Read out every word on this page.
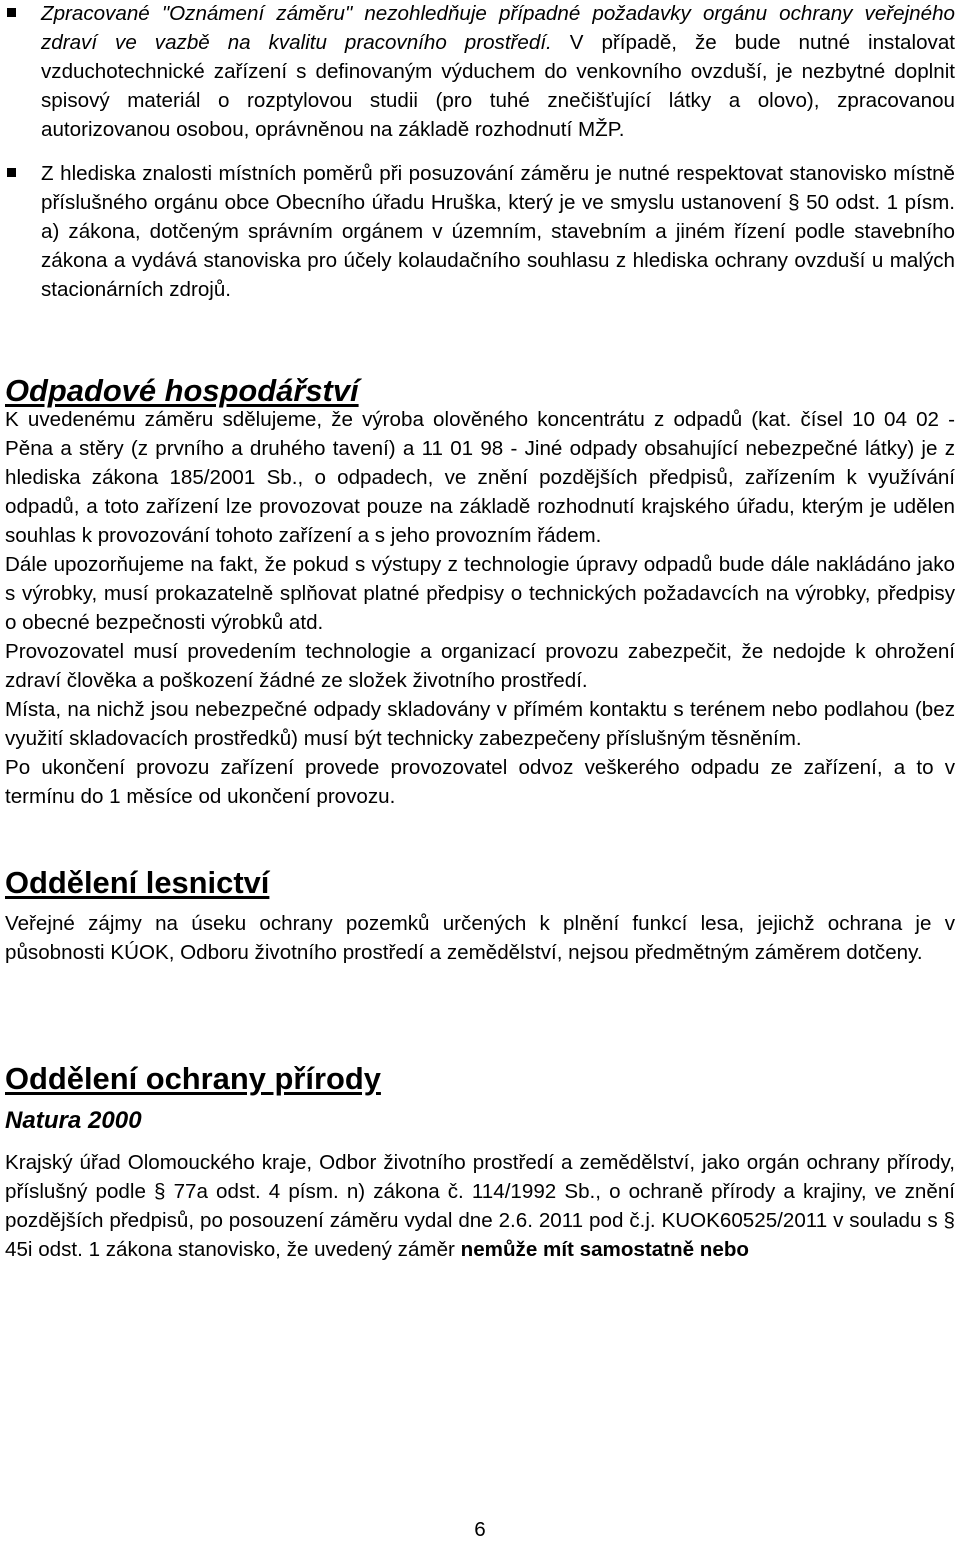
Zpracované "Oznámení záměru" nezohledňuje případné požadavky orgánu ochrany veřejného zdraví ve vazbě na kvalitu pracovního prostředí. V případě, že bude nutné instalovat vzduchotechnické zařízení s definovaným výduchem do venkovního ovzduší, je nezbytné doplnit spisový materiál o rozptylovou studii (pro tuhé znečišťující látky a olovo), zpracovanou autorizovanou osobou, oprávněnou na základě rozhodnutí MŽP.
Z hlediska znalosti místních poměrů při posuzování záměru je nutné respektovat stanovisko místně příslušného orgánu obce Obecního úřadu Hruška, který je ve smyslu ustanovení § 50 odst. 1 písm. a) zákona, dotčeným správním orgánem v územním, stavebním a jiném řízení podle stavebního zákona a vydává stanoviska pro účely kolaudačního souhlasu z hlediska ochrany ovzduší u malých stacionárních zdrojů.
Odpadové hospodářství

K uvedenému záměru sdělujeme, že výroba olověného koncentrátu z odpadů (kat. čísel 10 04 02 - Pěna a stěry (z prvního a druhého tavení) a 11 01 98 - Jiné odpady obsahující nebezpečné látky) je z hlediska zákona 185/2001 Sb., o odpadech, ve znění pozdějších předpisů, zařízením k využívání odpadů, a toto zařízení lze provozovat pouze na základě rozhodnutí krajského úřadu, kterým je udělen souhlas k provozování tohoto zařízení a s jeho provozním řádem.

Dále upozorňujeme na fakt, že pokud s výstupy z technologie úpravy odpadů bude dále nakládáno jako s výrobky, musí prokazatelně splňovat platné předpisy o technických požadavcích na výrobky, předpisy o obecné bezpečnosti výrobků atd.

Provozovatel musí provedením technologie a organizací provozu zabezpečit, že nedojde k ohrožení zdraví člověka a poškození žádné ze složek životního prostředí.

Místa, na nichž jsou nebezpečné odpady skladovány v přímém kontaktu s terénem nebo podlahou (bez využití skladovacích prostředků) musí být technicky zabezpečeny příslušným těsněním.

Po ukončení provozu zařízení provede provozovatel odvoz veškerého odpadu ze zařízení, a to v termínu do 1 měsíce od ukončení provozu.

Oddělení lesnictví

Veřejné zájmy na úseku ochrany pozemků určených k plnění funkcí lesa, jejichž ochrana je v působnosti KÚOK, Odboru životního prostředí a zemědělství, nejsou předmětným záměrem dotčeny.

Oddělení ochrany přírody
Natura 2000

Krajský úřad Olomouckého kraje, Odbor životního prostředí a zemědělství, jako orgán ochrany přírody, příslušný podle § 77a odst. 4 písm. n) zákona č. 114/1992 Sb., o ochraně přírody a krajiny, ve znění pozdějších předpisů, po posouzení záměru vydal dne 2.6. 2011 pod č.j. KUOK60525/2011 v souladu s § 45i odst. 1 zákona stanovisko, že uvedený záměr nemůže mít samostatně nebo

6
